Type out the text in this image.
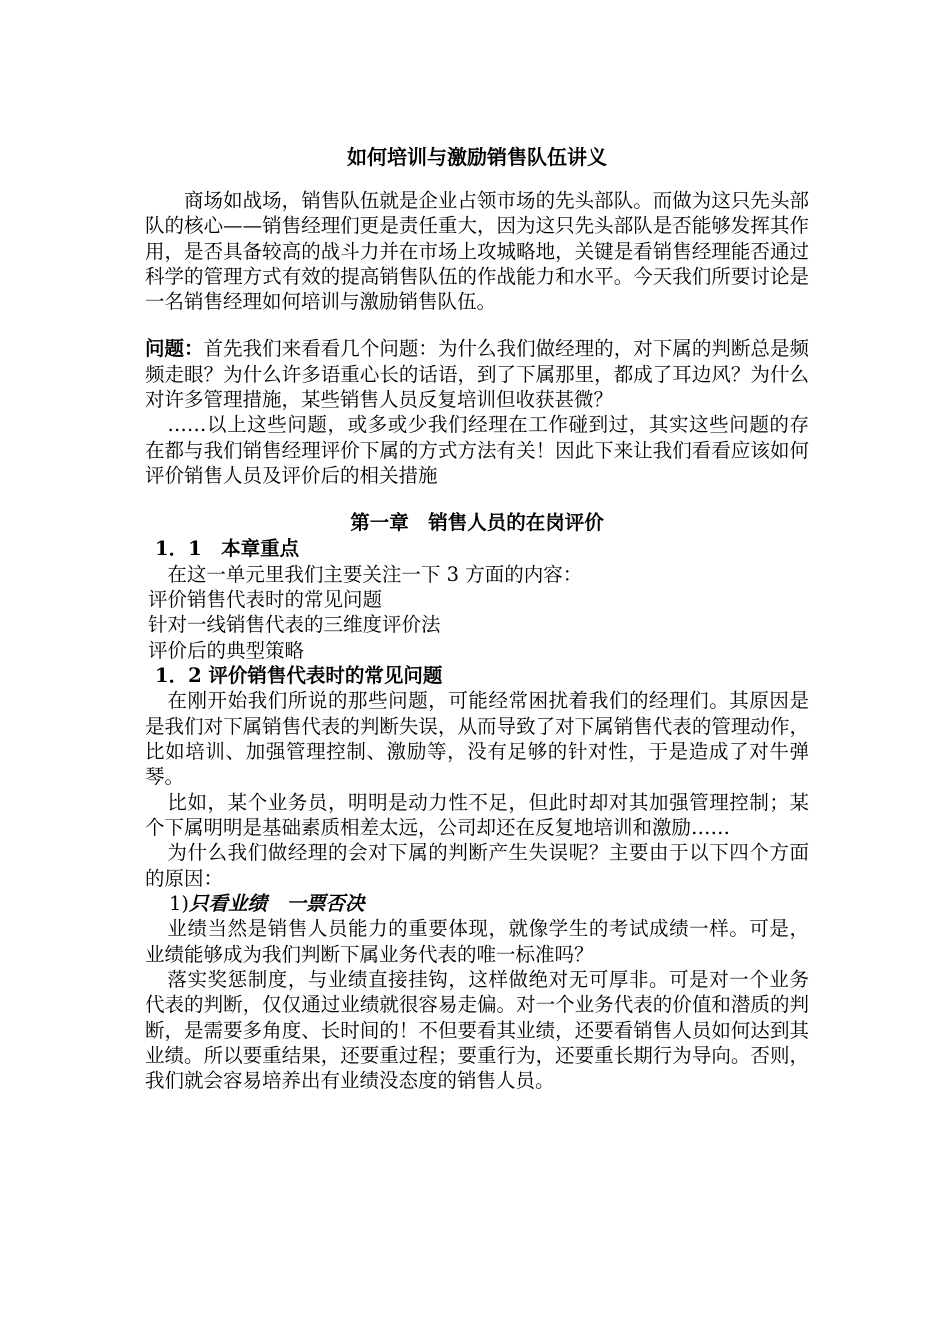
如何培训与激励销售队伍讲义

商场如战场，销售队伍就是企业占领市场的先头部队。而做为这只先头部队的核心——销售经理们更是责任重大，因为这只先头部队是否能够发挥其作用，是否具备较高的战斗力并在市场上攻城略地，关键是看销售经理能否通过科学的管理方式有效的提高销售队伍的作战能力和水平。今天我们所要讨论是一名销售经理如何培训与激励销售队伍。

问题：首先我们来看看几个问题：为什么我们做经理的，对下属的判断总是频频走眼？为什么许多语重心长的话语，到了下属那里，都成了耳边风？为什么对许多管理措施，某些销售人员反复培训但收获甚微？

……以上这些问题，或多或少我们经理在工作碰到过，其实这些问题的存在都与我们销售经理评价下属的方式方法有关！因此下来让我们看看应该如何评价销售人员及评价后的相关措施

第一章　销售人员的在岗评价

1．1　本章重点

在这一单元里我们主要关注一下 3 方面的内容：

评价销售代表时的常见问题

针对一线销售代表的三维度评价法

评价后的典型策略

1．2 评价销售代表时的常见问题

在刚开始我们所说的那些问题，可能经常困扰着我们的经理们。其原因是是我们对下属销售代表的判断失误，从而导致了对下属销售代表的管理动作，比如培训、加强管理控制、激励等，没有足够的针对性，于是造成了对牛弹琴。

比如，某个业务员，明明是动力性不足，但此时却对其加强管理控制；某个下属明明是基础素质相差太远，公司却还在反复地培训和激励……

为什么我们做经理的会对下属的判断产生失误呢？主要由于以下四个方面的原因：

1)只看业绩　一票否决

业绩当然是销售人员能力的重要体现，就像学生的考试成绩一样。可是，业绩能够成为我们判断下属业务代表的唯一标准吗？

落实奖惩制度，与业绩直接挂钩，这样做绝对无可厚非。可是对一个业务代表的判断，仅仅通过业绩就很容易走偏。对一个业务代表的价值和潜质的判断，是需要多角度、长时间的！不但要看其业绩，还要看销售人员如何达到其业绩。所以要重结果，还要重过程；要重行为，还要重长期行为导向。否则，我们就会容易培养出有业绩没态度的销售人员。
